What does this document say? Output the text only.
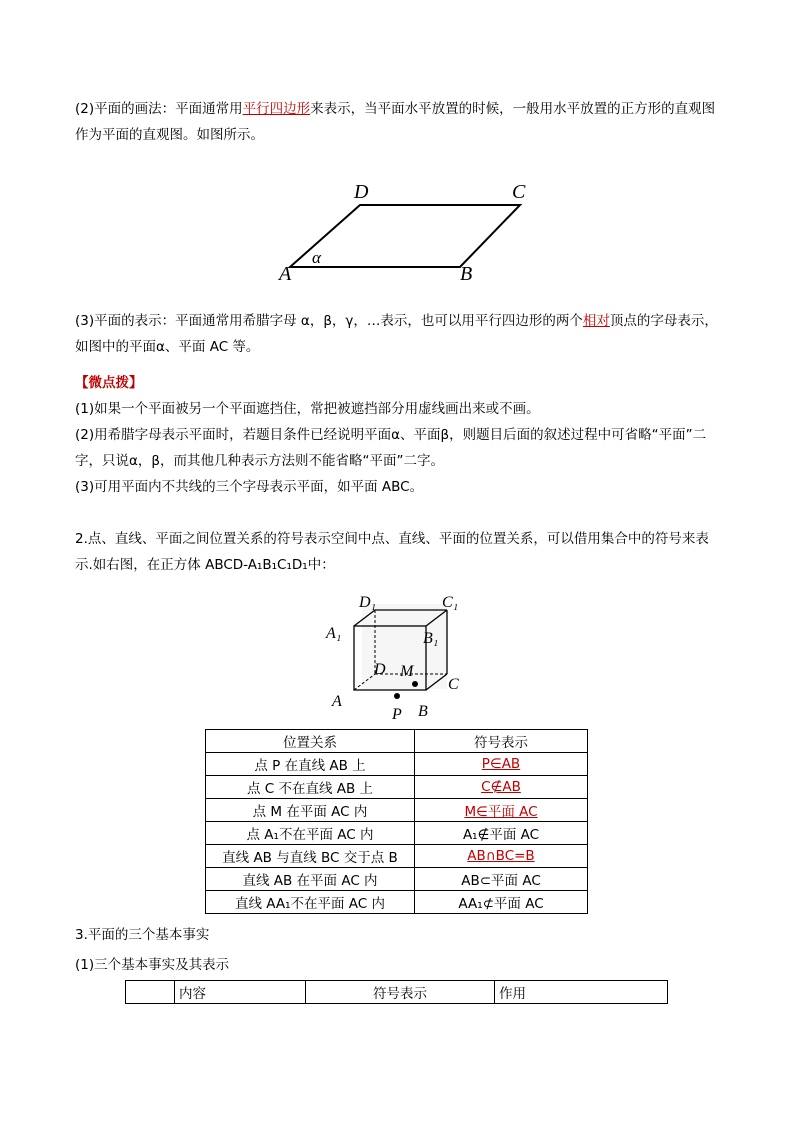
(2)平面的画法：平面通常用平行四边形来表示，当平面水平放置的时候，一般用水平放置的正方形的直观图作为平面的直观图。如图所示。
A	B
C
D
α
(3)平面的表示：平面通常用希腊字母 α，β，γ，…表示，也可以用平行四边形的两个相对顶点的字母表示，如图中的平面α、平面 AC 等。
【微点拨】
(1)如果一个平面被另一个平面遮挡住，常把被遮挡部分用虚线画出来或不画。
(2)用希腊字母表示平面时，若题目条件已经说明平面α、平面β，则题目后面的叙述过程中可省略“平面”二字，只说α，β，而其他几种表示方法则不能省略“平面”二字。
(3)可用平面内不共线的三个字母表示平面，如平面 ABC。
2.点、直线、平面之间位置关系的符号表示空间中点、直线、平面的位置关系，可以借用集合中的符号来表示.如右图，在正方体 ABCD-A₁B₁C₁D₁中：
D₁	C₁
A₁	B₁
D M
C
A
P B
位置关系	符号表示
点 P 在直线 AB 上	P∈AB
点 C 不在直线 AB 上	C∉AB
点 M 在平面 AC 内	M∈平面 AC
点 A₁不在平面 AC 内	A₁∉平面 AC
直线 AB 与直线 BC 交于点 B	AB∩BC=B
直线 AB 在平面 AC 内	AB⊂平面 AC
直线 AA₁不在平面 AC 内	AA₁⊄平面 AC
3.平面的三个基本事实
(1)三个基本事实及其表示
	内容	符号表示	作用
